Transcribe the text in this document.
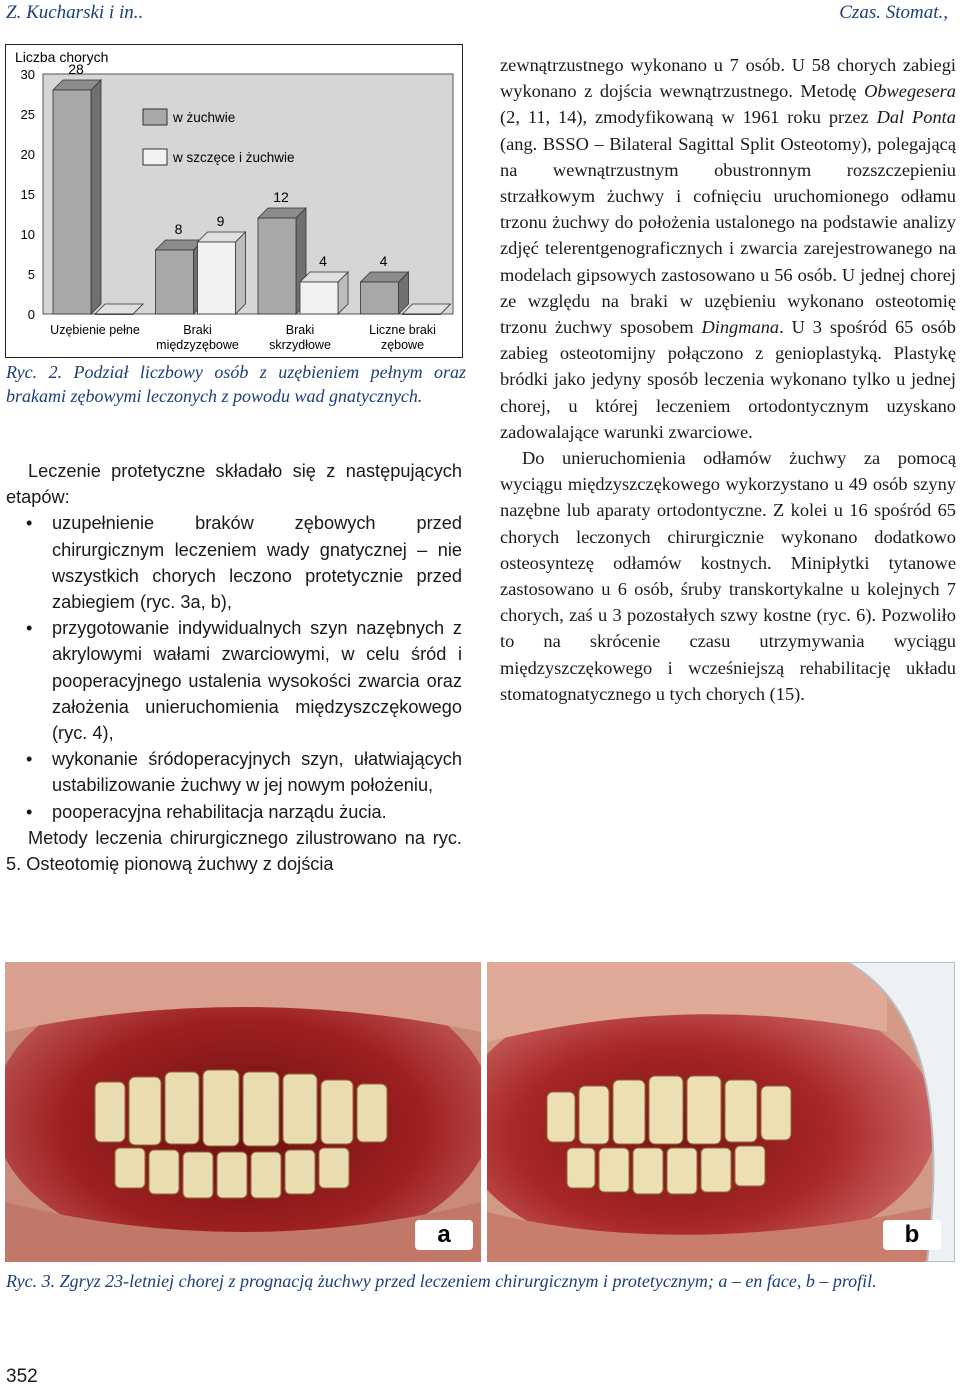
Z. Kucharski i in..	Czas. Stomat.,
Liczba chorych
0
5
10
15
20
25
30 28
Uzębienie pełne
8 9
Braki
międzyzębowe
12
4
Braki
skrzydłowe
4
Liczne braki
zębowe
w żuchwie
w szczęce i żuchwie
Ryc. 2. Podział liczbowy osób z uzębieniem pełnym oraz brakami zębowymi leczonych z powodu wad gnatycznych.

Leczenie protetyczne składało się z następujących etapów:

• uzupełnienie braków zębowych przed chirurgicznym leczeniem wady gnatycznej – nie wszystkich chorych leczono protetycznie przed zabiegiem (ryc. 3a, b),
• przygotowanie indywidualnych szyn nazębnych z akrylowymi wałami zwarciowymi, w celu śród i pooperacyjnego ustalenia wysokości zwarcia oraz założenia unieruchomienia międzyszczękowego (ryc. 4),
• wykonanie śródoperacyjnych szyn, ułatwiających ustabilizowanie żuchwy w jej nowym położeniu,
• pooperacyjna rehabilitacja narządu żucia.

Metody leczenia chirurgicznego zilustrowano na ryc. 5. Osteotomię pionową żuchwy z dojścia

zewnątrzustnego wykonano u 7 osób. U 58 chorych zabiegi wykonano z dojścia wewnątrzustnego. Metodę Obwegesera (2, 11, 14), zmodyfikowaną w 1961 roku przez Dal Ponta (ang. BSSO – Bilateral Sagittal Split Osteotomy), polegającą na wewnątrzustnym obustronnym rozszczepieniu strzałkowym żuchwy i cofnięciu uruchomionego odłamu trzonu żuchwy do położenia ustalonego na podstawie analizy zdjęć telerentgenograficznych i zwarcia zarejestrowanego na modelach gipsowych zastosowano u 56 osób. U jednej chorej ze względu na braki w uzębieniu wykonano osteotomię trzonu żuchwy sposobem Dingmana. U 3 spośród 65 osób zabieg osteotomijny połączono z genioplastyką. Plastykę bródki jako jedyny sposób leczenia wykonano tylko u jednej chorej, u której leczeniem ortodontycznym uzyskano zadowalające warunki zwarciowe.

Do unieruchomienia odłamów żuchwy za pomocą wyciągu międzyszczękowego wykorzystano u 49 osób szyny nazębne lub aparaty ortodontyczne. Z kolei u 16 spośród 65 chorych leczonych chirurgicznie wykonano dodatkowo osteosyntezę odłamów kostnych. Minipłytki tytanowe zastosowano u 6 osób, śruby transkortykalne u kolejnych 7 chorych, zaś u 3 pozostałych szwy kostne (ryc. 6). Pozwoliło to na skrócenie czasu utrzymywania wyciągu międzyszczękowego i wcześniejszą rehabilitację układu stomatognatycznego u tych chorych (15).

a	b
Ryc. 3. Zgryz 23-letniej chorej z prognacją żuchwy przed leczeniem chirurgicznym i protetycznym; a – en face, b – profil.
352
